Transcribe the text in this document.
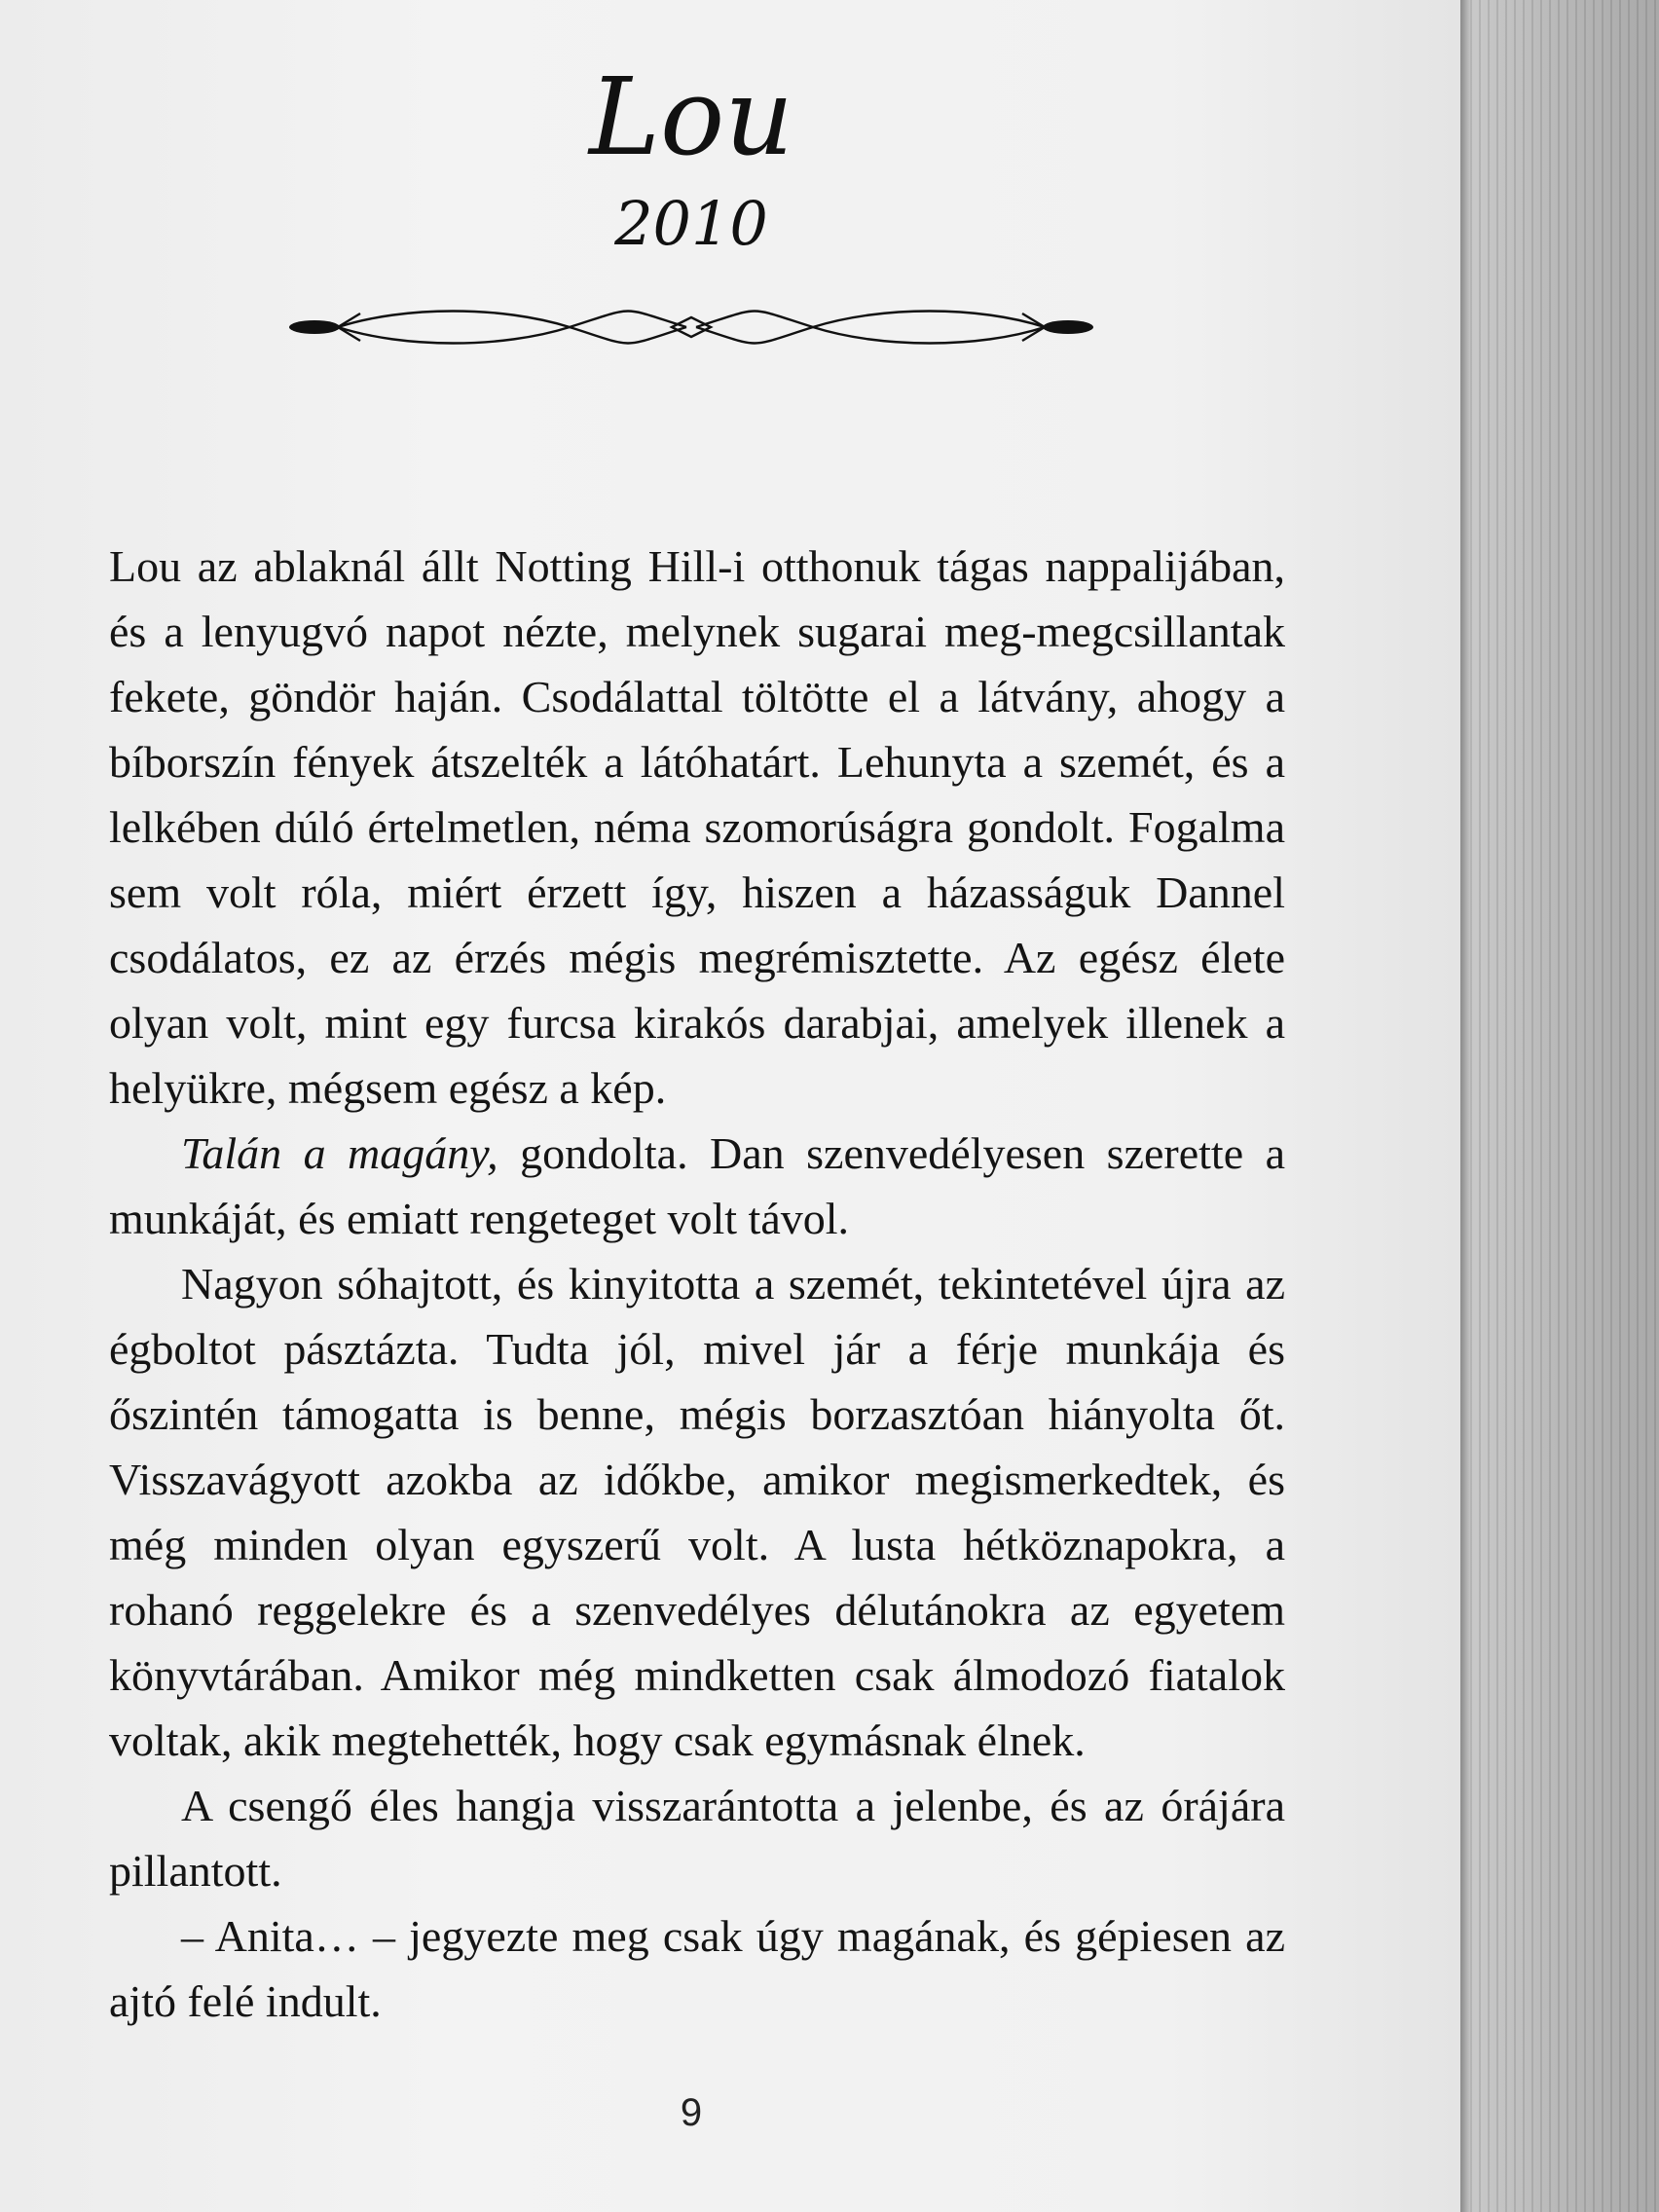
Lou
2010

Lou az ablaknál állt Notting Hill-i otthonuk tágas nappalijában, és a lenyugvó napot nézte, melynek sugarai meg-megcsillantak fekete, göndör haján. Csodálattal töltötte el a látvány, ahogy a bíborszín fények átszelték a látóhatárt. Lehunyta a szemét, és a lelkében dúló értelmetlen, néma szomorúságra gondolt. Fogalma sem volt róla, miért érzett így, hiszen a házasságuk Dannel csodálatos, ez az érzés mégis megrémisztette. Az egész élete olyan volt, mint egy furcsa kirakós darabjai, amelyek illenek a helyükre, mégsem egész a kép.

Talán a magány, gondolta. Dan szenvedélyesen szerette a munkáját, és emiatt rengeteget volt távol.

Nagyon sóhajtott, és kinyitotta a szemét, tekintetével újra az égboltot pásztázta. Tudta jól, mivel jár a férje munkája és őszintén támogatta is benne, mégis borzasztóan hiányolta őt. Visszavágyott azokba az időkbe, amikor megismerkedtek, és még minden olyan egyszerű volt. A lusta hétköznapokra, a rohanó reggelekre és a szenvedélyes délutánokra az egyetem könyvtárában. Amikor még mindketten csak álmodozó fiatalok voltak, akik megtehették, hogy csak egymásnak élnek.

A csengő éles hangja visszarántotta a jelenbe, és az órájára pillantott.

– Anita… – jegyezte meg csak úgy magának, és gépiesen az ajtó felé indult.

9
